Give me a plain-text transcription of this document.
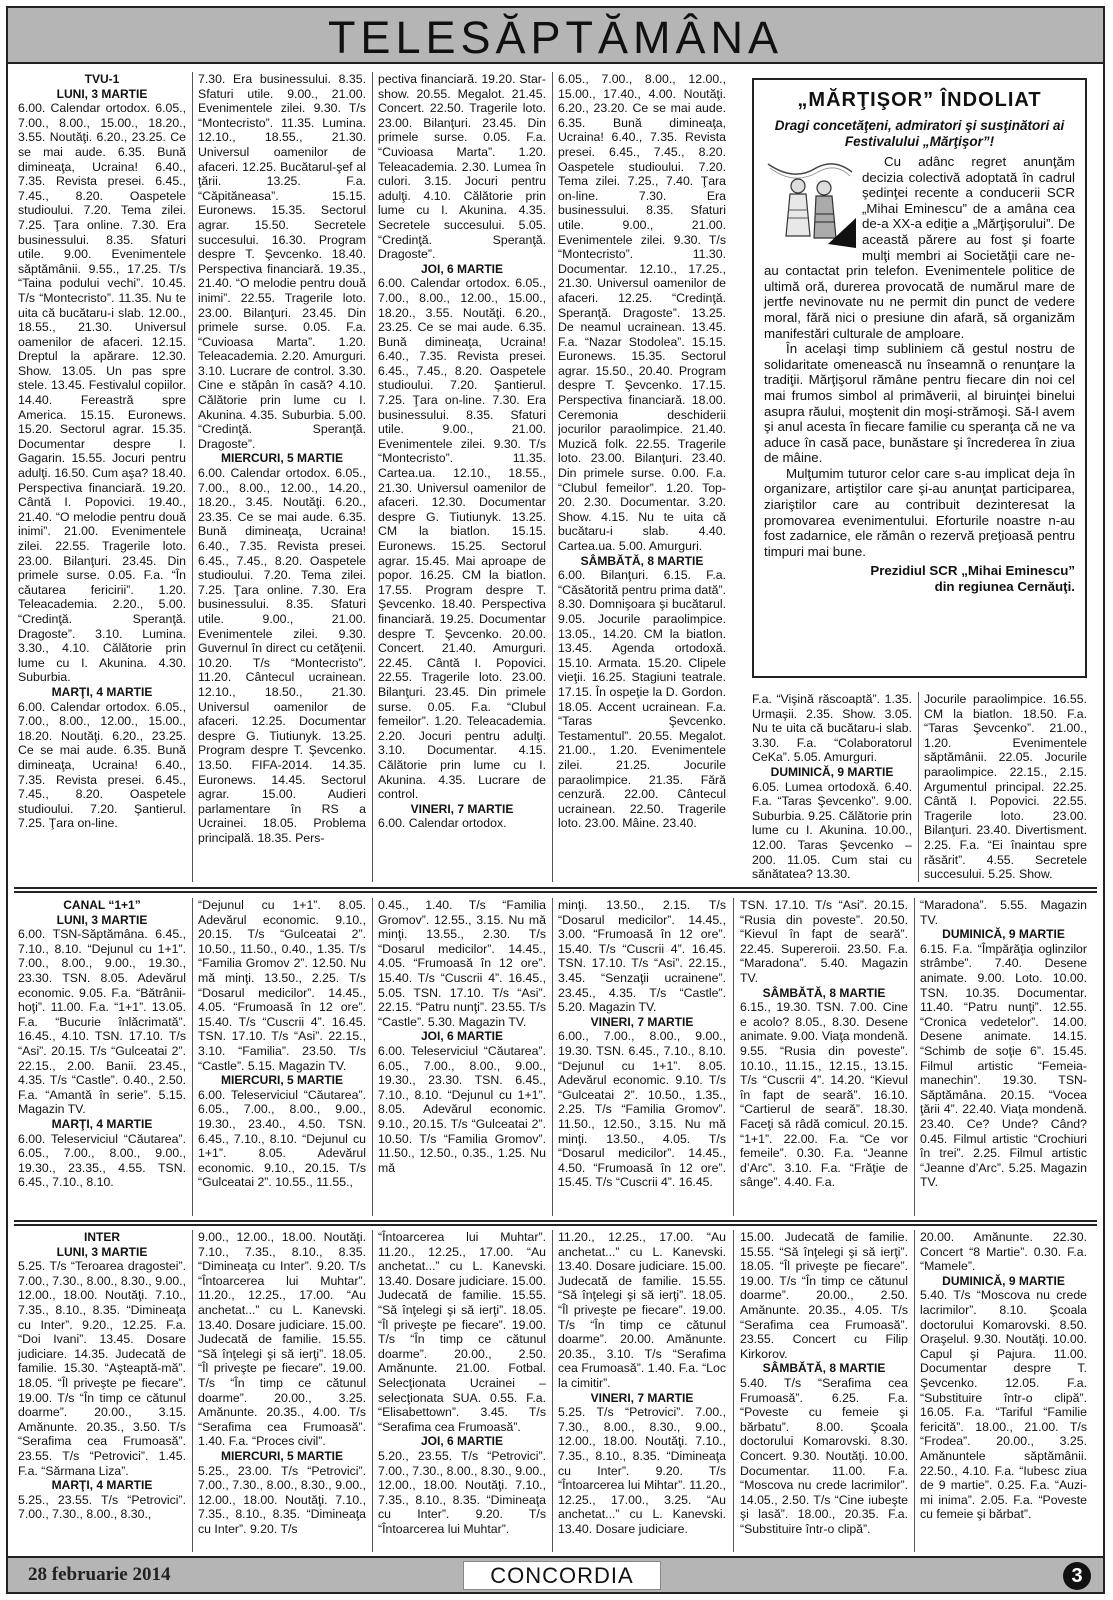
TELESĂPTĂMÂNA
TVU-1
LUNI, 3 MARTIE

6.00. Calendar ortodox. 6.05., 7.00., 8.00., 15.00., 18.20., 3.55. Noutăţi. 6.20., 23.25. Ce se mai aude. 6.35. Bună dimineaţa, Ucraina! 6.40., 7.35. Revista presei. 6.45., 7.45., 8.20. Oaspetele studioului. 7.20. Tema zilei. 7.25. Ţara online. 7.30. Era businessului. 8.35. Sfaturi utile. 9.00. Evenimentele săptămânii. 9.55., 17.25. T/s “Taina podului vechi”. 10.45. T/s “Montecristo”. 11.35. Nu te uita că bucătaru-i slab. 12.00., 18.55., 21.30. Universul oamenilor de afaceri. 12.15. Dreptul la apărare. 12.30. Show. 13.05. Un pas spre stele. 13.45. Festivalul copiilor. 14.40. Fereastră spre America. 15.15. Euronews. 15.20. Sectorul agrar. 15.35. Documentar despre I. Gagarin. 15.55. Jocuri pentru adulţi. 16.50. Cum aşa? 18.40. Perspectiva financiară. 19.20. Cântă I. Popovici. 19.40., 21.40. “O melodie pentru două inimi”. 21.00. Evenimentele zilei. 22.55. Tragerile loto. 23.00. Bilanţuri. 23.45. Din primele surse. 0.05. F.a. “În căutarea fericirii”. 1.20. Teleacademia. 2.20., 5.00. “Credinţă. Speranţă. Dragoste”. 3.10. Lumina. 3.30., 4.10. Călătorie prin lume cu I. Akunina. 4.30. Suburbia.

MARŢI, 4 MARTIE

6.00. Calendar ortodox. 6.05., 7.00., 8.00., 12.00., 15.00., 18.20. Noutăţi. 6.20., 23.25. Ce se mai aude. 6.35. Bună dimineaţa, Ucraina! 6.40., 7.35. Revista presei. 6.45., 7.45., 8.20. Oaspetele studioului. 7.20. Şantierul. 7.25. Ţara on-line.

7.30. Era businessului. 8.35. Sfaturi utile. 9.00., 21.00. Evenimentele zilei. 9.30. T/s “Montecristo”. 11.35. Lumina. 12.10., 18.55., 21.30. Universul oamenilor de afaceri. 12.25. Bucătarul-şef al ţării. 13.25. F.a. “Căpităneasa”. 15.15. Euronews. 15.35. Sectorul agrar. 15.50. Secretele succesului. 16.30. Program despre T. Şevcenko. 18.40. Perspectiva financiară. 19.35., 21.40. “O melodie pentru două inimi”. 22.55. Tragerile loto. 23.00. Bilanţuri. 23.45. Din primele surse. 0.05. F.a. “Cuvioasa Marta”. 1.20. Teleacademia. 2.20. Amurguri. 3.10. Lucrare de control. 3.30. Cine e stăpân în casă? 4.10. Călătorie prin lume cu I. Akunina. 4.35. Suburbia. 5.00. “Credinţă. Speranţă. Dragoste”.

MIERCURI, 5 MARTIE

6.00. Calendar ortodox. 6.05., 7.00., 8.00., 12.00., 14.20., 18.20., 3.45. Noutăţi. 6.20., 23.35. Ce se mai aude. 6.35. Bună dimineaţa, Ucraina! 6.40., 7.35. Revista presei. 6.45., 7.45., 8.20. Oaspetele studioului. 7.20. Tema zilei. 7.25. Ţara online. 7.30. Era businessului. 8.35. Sfaturi utile. 9.00., 21.00. Evenimentele zilei. 9.30. Guvernul în direct cu cetăţenii. 10.20. T/s “Montecristo”. 11.20. Cântecul ucrainean. 12.10., 18.50., 21.30. Universul oamenilor de afaceri. 12.25. Documentar despre G. Tiutiunyk. 13.25. Program despre T. Şevcenko. 13.50. FIFA-2014. 14.35. Euronews. 14.45. Sectorul agrar. 15.00. Audieri parlamentare în RS a Ucrainei. 18.05. Problema principală. 18.35. Pers-

pectiva financiară. 19.20. Star-show. 20.55. Megalot. 21.45. Concert. 22.50. Tragerile loto. 23.00. Bilanţuri. 23.45. Din primele surse. 0.05. F.a. “Cuvioasa Marta”. 1.20. Teleacademia. 2.30. Lumea în culori. 3.15. Jocuri pentru adulţi. 4.10. Călătorie prin lume cu I. Akunina. 4.35. Secretele succesului. 5.05. “Credinţă. Speranţă. Dragoste”.

JOI, 6 MARTIE

6.00. Calendar ortodox. 6.05., 7.00., 8.00., 12.00., 15.00., 18.20., 3.55. Noutăţi. 6.20., 23.25. Ce se mai aude. 6.35. Bună dimineaţa, Ucraina! 6.40., 7.35. Revista presei. 6.45., 7.45., 8.20. Oaspetele studioului. 7.20. Şantierul. 7.25. Ţara on-line. 7.30. Era businessului. 8.35. Sfaturi utile. 9.00., 21.00. Evenimentele zilei. 9.30. T/s “Montecristo”. 11.35. Cartea.ua. 12.10., 18.55., 21.30. Universul oamenilor de afaceri. 12.30. Documentar despre G. Tiutiunyk. 13.25. CM la biatlon. 15.15. Euronews. 15.25. Sectorul agrar. 15.45. Mai aproape de popor. 16.25. CM la biatlon. 17.55. Program despre T. Şevcenko. 18.40. Perspectiva financiară. 19.25. Documentar despre T. Şevcenko. 20.00. Concert. 21.40. Amurguri. 22.45. Cântă I. Popovici. 22.55. Tragerile loto. 23.00. Bilanţuri. 23.45. Din primele surse. 0.05. F.a. “Clubul femeilor”. 1.20. Teleacademia. 2.20. Jocuri pentru adulţi. 3.10. Documentar. 4.15. Călătorie prin lume cu I. Akunina. 4.35. Lucrare de control.

VINERI, 7 MARTIE

6.00. Calendar ortodox.

6.05., 7.00., 8.00., 12.00., 15.00., 17.40., 4.00. Noutăţi. 6.20., 23.20. Ce se mai aude. 6.35. Bună dimineaţa, Ucraina! 6.40., 7.35. Revista presei. 6.45., 7.45., 8.20. Oaspetele studioului. 7.20. Tema zilei. 7.25., 7.40. Ţara on-line. 7.30. Era businessului. 8.35. Sfaturi utile. 9.00., 21.00. Evenimentele zilei. 9.30. T/s “Montecristo”. 11.30. Documentar. 12.10., 17.25., 21.30. Universul oamenilor de afaceri. 12.25. “Credinţă. Speranţă. Dragoste”. 13.25. De neamul ucrainean. 13.45. F.a. “Nazar Stodolea”. 15.15. Euronews. 15.35. Sectorul agrar. 15.50., 20.40. Program despre T. Şevcenko. 17.15. Perspectiva financiară. 18.00. Ceremonia deschiderii jocurilor paraolimpice. 21.40. Muzică folk. 22.55. Tragerile loto. 23.00. Bilanţuri. 23.40. Din primele surse. 0.00. F.a. “Clubul femeilor”. 1.20. Top-20. 2.30. Documentar. 3.20. Show. 4.15. Nu te uita că bucătaru-i slab. 4.40. Cartea.ua. 5.00. Amurguri.

SÂMBĂTĂ, 8 MARTIE

6.00. Bilanţuri. 6.15. F.a. “Căsătorită pentru prima dată”. 8.30. Domnişoara şi bucătarul. 9.05. Jocurile paraolimpice. 13.05., 14.20. CM la biatlon. 13.45. Agenda ortodoxă. 15.10. Armata. 15.20. Clipele vieţii. 16.25. Stagiuni teatrale. 17.15. În ospeţie la D. Gordon. 18.05. Accent ucrainean. F.a. “Taras Şevcenko. Testamentul”. 20.55. Megalot. 21.00., 1.20. Evenimentele zilei. 21.25. Jocurile paraolimpice. 21.35. Fără cenzură. 22.00. Cântecul ucrainean. 22.50. Tragerile loto. 23.00. Mâine. 23.40.

F.a. “Vişină răscoaptă”. 1.35. Urmaşii. 2.35. Show. 3.05. Nu te uita că bucătaru-i slab. 3.30. F.a. “Colaboratorul CeKa”. 5.05. Amurguri.

DUMINICĂ, 9 MARTIE

6.05. Lumea ortodoxă. 6.40. F.a. “Taras Şevcenko”. 9.00. Suburbia. 9.25. Călătorie prin lume cu I. Akunina. 10.00., 12.00. Taras Şevcenko – 200. 11.05. Cum stai cu sănătatea? 13.30.

Jocurile paraolimpice. 16.55. CM la biatlon. 18.50. F.a. “Taras Şevcenko”. 21.00., 1.20. Evenimentele săptămânii. 22.05. Jocurile paraolimpice. 22.15., 2.15. Argumentul principal. 22.25. Cântă I. Popovici. 22.55. Tragerile loto. 23.00. Bilanţuri. 23.40. Divertisment. 2.25. F.a. “Ei înaintau spre răsărit”. 4.55. Secretele succesului. 5.25. Show.

„MĂRŢIŞOR” ÎNDOLIAT
Dragi concetăţeni, admiratori şi susţinători ai Festivalului „Mărţişor”!

Cu adânc regret anunţăm decizia colectivă adoptată în cadrul şedinţei recente a conducerii SCR „Mihai Eminescu” de a amâna cea de-a XX-a ediţie a „Mărţişorului”. De această părere au fost şi foarte mulţi membri ai Societăţii care ne-au contactat prin telefon. Evenimentele politice de ultimă oră, durerea provocată de numărul mare de jertfe nevinovate nu ne permit din punct de vedere moral, fără nici o presiune din afară, să organizăm manifestări culturale de amploare.

În acelaşi timp subliniem că gestul nostru de solidaritate omenească nu înseamnă o renunţare la tradiţii. Mărţişorul rămâne pentru fiecare din noi cel mai frumos simbol al primăverii, al biruinţei binelui asupra răului, moştenit din moşi-strămoşi. Să-l avem şi anul acesta în fiecare familie cu speranţa că ne va aduce în casă pace, bunăstare şi încrederea în ziua de mâine.

Mulţumim tuturor celor care s-au implicat deja în organizare, artiştilor care şi-au anunţat participarea, ziariştilor care au contribuit dezinteresat la promovarea evenimentului. Eforturile noastre n-au fost zadarnice, ele rămân o rezervă preţioasă pentru timpuri mai bune.

Prezidiul SCR „Mihai Eminescu”

din regiunea Cernăuţi.

CANAL “1+1”
LUNI, 3 MARTIE

6.00. TSN-Săptămâna. 6.45., 7.10., 8.10. “Dejunul cu 1+1”. 7.00., 8.00., 9.00., 19.30., 23.30. TSN. 8.05. Adevărul economic. 9.05. F.a. “Bătrânii-hoţi”. 11.00. F.a. “1+1”. 13.05. F.a. “Bucurie înlăcrimată”. 16.45., 4.10. TSN. 17.10. T/s “Asi”. 20.15. T/s “Gulceatai 2”. 22.15., 2.00. Banii. 23.45., 4.35. T/s “Castle”. 0.40., 2.50. F.a. “Amantă în serie”. 5.15. Magazin TV.

MARŢI, 4 MARTIE

6.00. Teleserviciul “Căutarea”. 6.05., 7.00., 8.00., 9.00., 19.30., 23.35., 4.55. TSN. 6.45., 7.10., 8.10.

“Dejunul cu 1+1”. 8.05. Adevărul economic. 9.10., 20.15. T/s “Gulceatai 2”. 10.50., 11.50., 0.40., 1.35. T/s “Familia Gromov 2”. 12.50. Nu mă minţi. 13.50., 2.25. T/s “Dosarul medicilor”. 14.45., 4.05. “Frumoasă în 12 ore”. 15.40. T/s “Cuscrii 4”. 16.45. TSN. 17.10. T/s “Asi”. 22.15., 3.10. “Familia”. 23.50. T/s “Castle”. 5.15. Magazin TV.

MIERCURI, 5 MARTIE

6.00. Teleserviciul “Căutarea”. 6.05., 7.00., 8.00., 9.00., 19.30., 23.40., 4.50. TSN. 6.45., 7.10., 8.10. “Dejunul cu 1+1”. 8.05. Adevărul economic. 9.10., 20.15. T/s “Gulceatai 2”. 10.55., 11.55.,

0.45., 1.40. T/s “Familia Gromov”. 12.55., 3.15. Nu mă minţi. 13.55., 2.30. T/s “Dosarul medicilor”. 14.45., 4.05. “Frumoasă în 12 ore”. 15.40. T/s “Cuscrii 4”. 16.45., 5.05. TSN. 17.10. T/s “Asi”. 22.15. “Patru nunţi”. 23.55. T/s “Castle”. 5.30. Magazin TV.

JOI, 6 MARTIE

6.00. Teleserviciul “Căutarea”. 6.05., 7.00., 8.00., 9.00., 19.30., 23.30. TSN. 6.45., 7.10., 8.10. “Dejunul cu 1+1”. 8.05. Adevărul economic. 9.10., 20.15. T/s “Gulceatai 2”. 10.50. T/s “Familia Gromov”. 11.50., 12.50., 0.35., 1.25. Nu mă

minţi. 13.50., 2.15. T/s “Dosarul medicilor”. 14.45., 3.00. “Frumoasă în 12 ore”. 15.40. T/s “Cuscrii 4”. 16.45. TSN. 17.10. T/s “Asi”. 22.15., 3.45. “Senzaţii ucrainene”. 23.45., 4.35. T/s “Castle”. 5.20. Magazin TV.

VINERI, 7 MARTIE

6.00., 7.00., 8.00., 9.00., 19.30. TSN. 6.45., 7.10., 8.10. “Dejunul cu 1+1”. 8.05. Adevărul economic. 9.10. T/s “Gulceatai 2”. 10.50., 1.35., 2.25. T/s “Familia Gromov”. 11.50., 12.50., 3.15. Nu mă minţi. 13.50., 4.05. T/s “Dosarul medicilor”. 14.45., 4.50. “Frumoasă în 12 ore”. 15.45. T/s “Cuscrii 4”. 16.45.

TSN. 17.10. T/s “Asi”. 20.15. “Rusia din poveste”. 20.50. “Kievul în fapt de seară”. 22.45. Supereroii. 23.50. F.a. “Maradona”. 5.40. Magazin TV.

SÂMBĂTĂ, 8 MARTIE

6.15., 19.30. TSN. 7.00. Cine e acolo? 8.05., 8.30. Desene animate. 9.00. Viaţa mondenă. 9.55. “Rusia din poveste”. 10.10., 11.15., 12.15., 13.15. T/s “Cuscrii 4”. 14.20. “Kievul în fapt de seară”. 16.10. “Cartierul de seară”. 18.30. Faceţi să râdă comicul. 20.15. “1+1”. 22.00. F.a. “Ce vor femeile”. 0.30. F.a. “Jeanne d’Arc”. 3.10. F.a. “Frăţie de sânge”. 4.40. F.a.

“Maradona”. 5.55. Magazin TV.

DUMINICĂ, 9 MARTIE

6.15. F.a. “Împărăţia oglinzilor strâmbe”. 7.40. Desene animate. 9.00. Loto. 10.00. TSN. 10.35. Documentar. 11.40. “Patru nunţi”. 12.55. “Cronica vedetelor”. 14.00. Desene animate. 14.15. “Schimb de soţie 6”. 15.45. Filmul artistic “Femeia-manechin”. 19.30. TSN-Săptămâna. 20.15. “Vocea ţării 4”. 22.40. Viaţa mondenă. 23.40. Ce? Unde? Când? 0.45. Filmul artistic “Crochiuri în trei”. 2.25. Filmul artistic “Jeanne d’Arc”. 5.25. Magazin TV.

INTER
LUNI, 3 MARTIE

5.25. T/s “Teroarea dragostei”. 7.00., 7.30., 8.00., 8.30., 9.00., 12.00., 18.00. Noutăţi. 7.10., 7.35., 8.10., 8.35. “Dimineaţa cu Inter”. 9.20., 12.25. F.a. “Doi Ivani”. 13.45. Dosare judiciare. 14.35. Judecată de familie. 15.30. “Aşteaptă-mă”. 18.05. “Îl priveşte pe fiecare”. 19.00. T/s “În timp ce cătunul doarme”. 20.00., 3.15. Amănunte. 20.35., 3.50. T/s “Serafima cea Frumoasă”. 23.55. T/s “Petrovici”. 1.45. F.a. “Sărmana Liza”.

MARŢI, 4 MARTIE

5.25., 23.55. T/s “Petrovici”. 7.00., 7.30., 8.00., 8.30.,

9.00., 12.00., 18.00. Noutăţi. 7.10., 7.35., 8.10., 8.35. “Dimineaţa cu Inter”. 9.20. T/s “Întoarcerea lui Muhtar”. 11.20., 12.25., 17.00. “Au anchetat...” cu L. Kanevski. 13.40. Dosare judiciare. 15.00. Judecată de familie. 15.55. “Să înţelegi şi să ierţi”. 18.05. “Îl priveşte pe fiecare”. 19.00. T/s “În timp ce cătunul doarme”. 20.00., 3.25. Amănunte. 20.35., 4.00. T/s “Serafima cea Frumoasă”. 1.40. F.a. “Proces civil”.

MIERCURI, 5 MARTIE

5.25., 23.00. T/s “Petrovici”. 7.00., 7.30., 8.00., 8.30., 9.00., 12.00., 18.00. Noutăţi. 7.10., 7.35., 8.10., 8.35. “Dimineaţa cu Inter”. 9.20. T/s

“Întoarcerea lui Muhtar”. 11.20., 12.25., 17.00. “Au anchetat...” cu L. Kanevski. 13.40. Dosare judiciare. 15.00. Judecată de familie. 15.55. “Să înţelegi şi să ierţi”. 18.05. “Îl priveşte pe fiecare”. 19.00. T/s “În timp ce cătunul doarme”. 20.00., 2.50. Amănunte. 21.00. Fotbal. Selecţionata Ucrainei – selecţionata SUA. 0.55. F.a. “Elisabettown”. 3.45. T/s “Serafima cea Frumoasă”.

JOI, 6 MARTIE

5.20., 23.55. T/s “Petrovici”. 7.00., 7.30., 8.00., 8.30., 9.00., 12.00., 18.00. Noutăţi. 7.10., 7.35., 8.10., 8.35. “Dimineaţa cu Inter”. 9.20. T/s “Întoarcerea lui Muhtar”.

11.20., 12.25., 17.00. “Au anchetat...” cu L. Kanevski. 13.40. Dosare judiciare. 15.00. Judecată de familie. 15.55. “Să înţelegi şi să ierţi”. 18.05. “Îl priveşte pe fiecare”. 19.00. T/s “În timp ce cătunul doarme”. 20.00. Amănunte. 20.35., 3.10. T/s “Serafima cea Frumoasă”. 1.40. F.a. “Loc la cimitir”.

VINERI, 7 MARTIE

5.25. T/s “Petrovici”. 7.00., 7.30., 8.00., 8.30., 9.00., 12.00., 18.00. Noutăţi. 7.10., 7.35., 8.10., 8.35. “Dimineaţa cu Inter”. 9.20. T/s “Întoarcerea lui Mihtar”. 11.20., 12.25., 17.00., 3.25. “Au anchetat...” cu L. Kanevski. 13.40. Dosare judiciare.

15.00. Judecată de familie. 15.55. “Să înţelegi şi să ierţi”. 18.05. “Îl priveşte pe fiecare”. 19.00. T/s “În timp ce cătunul doarme”. 20.00., 2.50. Amănunte. 20.35., 4.05. T/s “Serafima cea Frumoasă”. 23.55. Concert cu Filip Kirkorov.

SÂMBĂTĂ, 8 MARTIE

5.40. T/s “Serafima cea Frumoasă”. 6.25. F.a. “Poveste cu femeie şi bărbatu”. 8.00. Şcoala doctorului Komarovski. 8.30. Concert. 9.30. Noutăţi. 10.00. Documentar. 11.00. F.a. “Moscova nu crede lacrimilor”. 14.05., 2.50. T/s “Cine iubeşte şi lasă”. 18.00., 20.35. F.a. “Substituire într-o clipă”.

20.00. Amănunte. 22.30. Concert “8 Martie”. 0.30. F.a. “Mamele”.

DUMINICĂ, 9 MARTIE

5.40. T/s “Moscova nu crede lacrimilor”. 8.10. Şcoala doctorului Komarovski. 8.50. Oraşelul. 9.30. Noutăţi. 10.00. Capul şi Pajura. 11.00. Documentar despre T. Şevcenko. 12.05. F.a. “Substituire într-o clipă”. 16.05. F.a. “Tariful “Familie fericită”. 18.00., 21.00. T/s “Frodea”. 20.00., 3.25. Amănuntele săptămânii. 22.50., 4.10. F.a. “Iubesc ziua de 9 martie”. 0.25. F.a. “Auzi-mi inima”. 2.05. F.a. “Poveste cu femeie şi bărbat”.

28 februarie 2014	CONCORDIA	3
